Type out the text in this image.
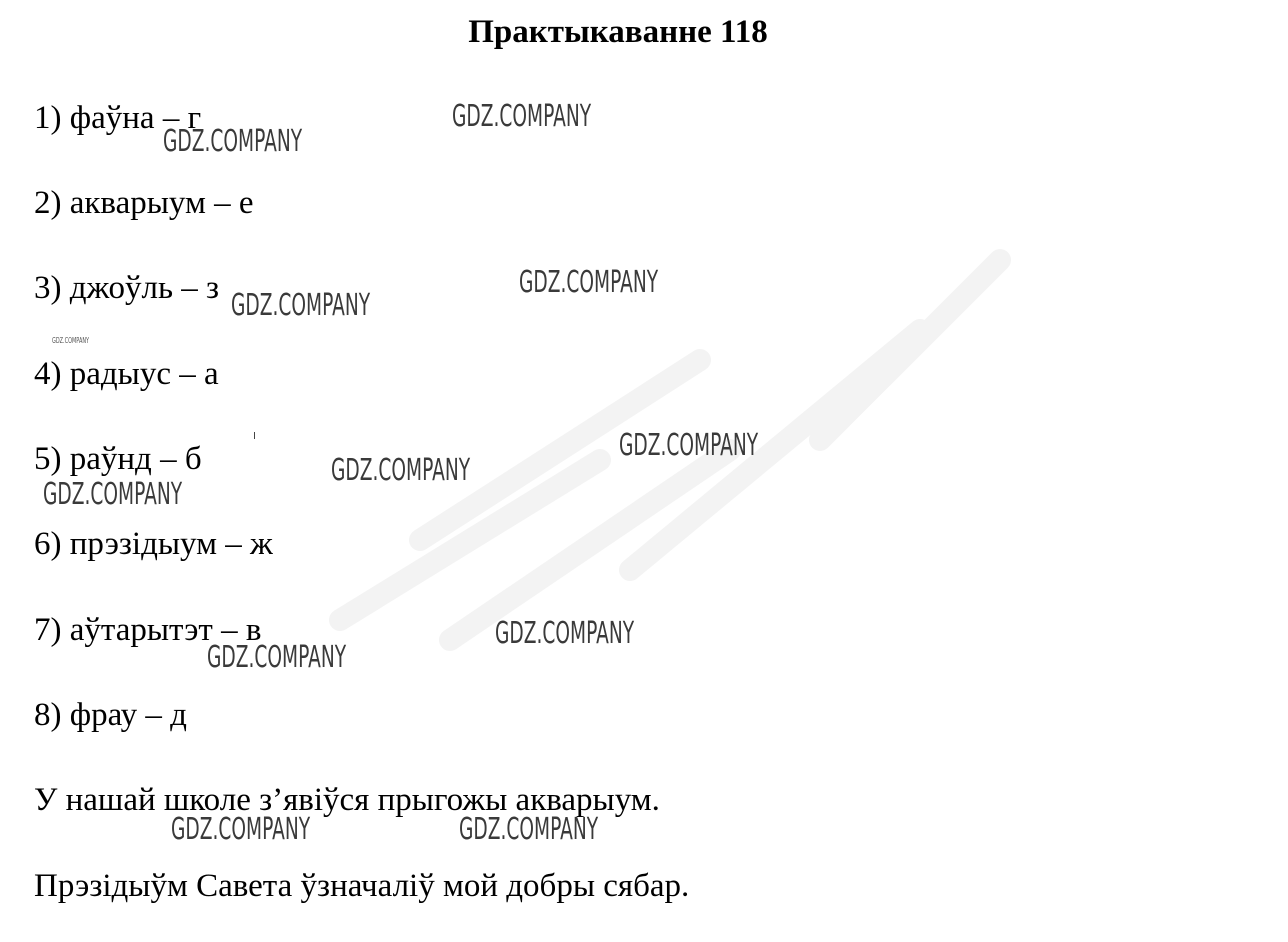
Практыкаванне 118
1) фаўна – г
2) акварыум – е
3) джоўль – з
4) радыус – а
5) раўнд – б
6) прэзідыум – ж
7) аўтарытэт – в
8) фрау – д
У нашай школе з’явіўся прыгожы акварыум.
Прэзідыўм Савета ўзначаліў мой добры сябар.
GDZ.COMPANY
GDZ.COMPANY
GDZ.COMPANY
GDZ.COMPANY
GDZ.COMPANY
GDZ.COMPANY
GDZ.COMPANY
GDZ.COMPANY
GDZ.COMPANY
GDZ.COMPANY
GDZ.COMPANY	GDZ.COMPANY
